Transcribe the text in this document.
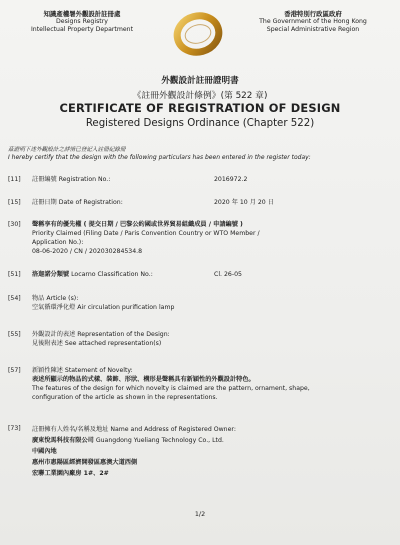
知識產權署外觀設計註冊處
Designs Registry
Intellectual Property Department
香港特別行政區政府
The Government of the Hong Kong
Special Administrative Region
外觀設計註冊證明書
《註冊外觀設計條例》(第 522 章)
CERTIFICATE OF REGISTRATION OF DESIGN
Registered Designs Ordinance (Chapter 522)
茲證明下述外觀設計之詳情已登記入註冊紀錄冊
I hereby certify that the design with the following particulars has been entered in the register today:
[11] 註冊編號 Registration No.:	2016972.2
[15] 註冊日期 Date of Registration:	2020 年 10 月 20 日
[30] 聲稱享有的優先權 ( 提交日期 / 巴黎公約國或世界貿易組織成員 / 申請編號 )
Priority Claimed (Filing Date / Paris Convention Country or WTO Member /
Application No.):
08-06-2020 / CN / 202030284534.8
[51] 洛迦諾分類號 Locarno Classification No.:	Cl. 26-05
[54] 物品 Article (s):
空氣循環淨化燈 Air circulation purification lamp
[55] 外觀設計的表述 Representation of the Design:
見後附表述 See attached representation(s)
[57] 新穎性陳述 Statement of Novelty:
表述所顯示的物品的式樣、裝飾、形狀、構形是聲稱具有新穎性的外觀設計特色。
The features of the design for which novelty is claimed are the pattern, ornament, shape,
configuration of the article as shown in the representations.
[73] 註冊擁有人姓名/名稱及地址 Name and Address of Registered Owner:
廣東悅馬科技有限公司 Guangdong Yueliang Technology Co., Ltd.
中國內地
惠州市惠陽區經濟開發區惠澳大道西側
宏聯工業園內廠房 1#、2#
1/2
